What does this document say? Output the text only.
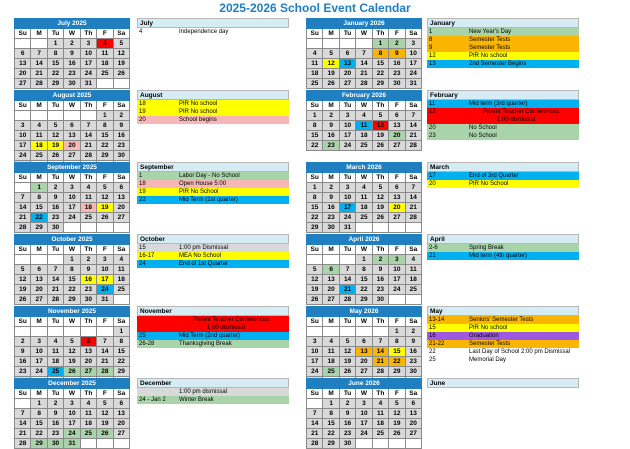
2025-2026 School Event Calendar
July 2025						
Su	M	Tu	W	Th	F	Sa
		1	2	3	4	5
6	7	8	9	10	11	12
13	14	15	16	17	18	19
20	21	22	23	24	25	26
27	28	29	30	31		
August 2025						
Su	M	Tu	W	Th	F	Sa
					1	2
3	4	5	6	7	8	9
10	11	12	13	14	15	16
17	18	19	20	21	22	23
24	25	26	27	28	29	30

September 2025						
Su	M	Tu	W	Th	F	Sa
	1	2	3	4	5	6
7	8	9	10	11	12	13
14	15	16	17	18	19	20
21	22	23	24	25	26	27
28	29	30				
October 2025						
Su	M	Tu	W	Th	F	Sa
			1	2	3	4
5	6	7	8	9	10	11
12	13	14	15	16	17	18
19	20	21	22	23	24	25
26	27	28	29	30	31	
November 2025						
Su	M	Tu	W	Th	F	Sa
						1
2	3	4	5	6	7	8
9	10	11	12	13	14	15
16	17	18	19	20	21	22
23	24	25	26	27	28	29

December 2025						
Su	M	Tu	W	Th	F	Sa
	1	2	3	4	5	6
7	8	9	10	11	12	13
14	15	16	17	18	19	20
21	22	23	24	25	26	27
28	29	30	31			
January 2026						
Su	M	Tu	W	Th	F	Sa
				1	2	3
4	5	6	7	8	9	10
11	12	13	14	15	16	17
18	19	20	21	22	23	24
25	26	27	28	29	30	31
February 2026						
Su	M	Tu	W	Th	F	Sa
1	2	3	4	5	6	7
8	9	10	11	12	13	14
15	16	17	18	19	20	21
22	23	24	25	26	27	28
March 2026						
Su	M	Tu	W	Th	F	Sa
1	2	3	4	5	6	7
8	9	10	11	12	13	14
15	16	17	18	19	20	21
22	23	24	25	26	27	28
29	30	31				
April 2026						
Su	M	Tu	W	Th	F	Sa
			1	2	3	4
5	6	7	8	9	10	11
12	13	14	15	16	17	18
19	20	21	22	23	24	25
26	27	28	29	30		
May 2026						
Su	M	Tu	W	Th	F	Sa
					1	2
3	4	5	6	7	8	9
10	11	12	13	14	15	16
17	18	19	20	21	22	23
24	25	26	27	28	29	30

June 2026						
Su	M	Tu	W	Th	F	Sa
	1	2	3	4	5	6
7	8	9	10	11	12	13
14	15	16	17	18	19	20
21	22	23	24	25	26	27
28	29	30				
July
4	Independence day
August
18	PIR No school
19	PIR No school
20	School begins
September
1	Labor Day - No School
18	Open House 5:00
19	PIR No School
22	Mid Term (1st quarter)
October
15	1:00 pm Dismissal
16-17	MEA No School
24	End of 1st Quarter
November
Parent Teacher Conferences
1:00 dismissal
25	Mid Term (2nd quarter)
26-28	Thanksgiving Break
December
1:00 pm dismissal
24 - Jan 2 Winter Break
January
1	New Year's Day
8	Semester Tests
9	Semester Tests
12	PIR No school
13	2nd Semester Begins
February
11	Mid term (3rd quarter)
12	Parent Teacher Conferences
1:00 dismissal
20	No School
23	No School
March
17	End of 3rd Quarter
20	PIR No School
April
2-6	Spring Break
21	Mid term (4th quarter)
May
13-14	Seniors' Semester Tests
15	PIR No school
16	Graduation
21-22	Semester Tests
22	Last Day of School 2:00 pm Dismissal
25	Memorial Day
June
